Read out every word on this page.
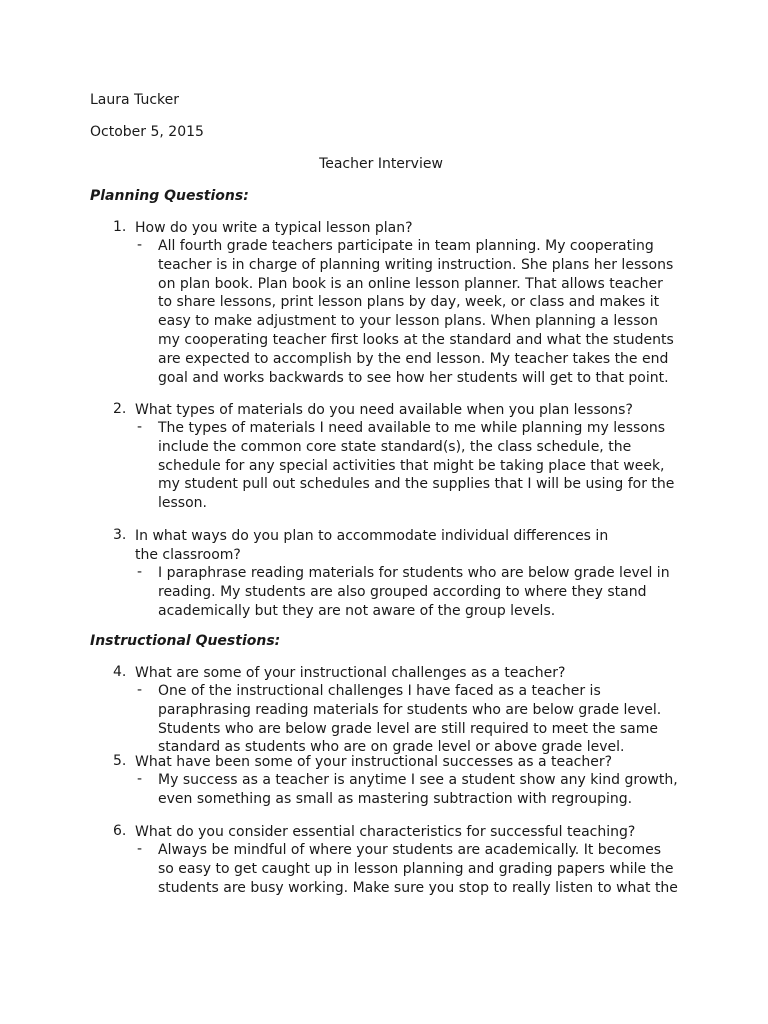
Laura Tucker
October 5, 2015
Teacher Interview
Planning Questions:
1. How do you write a typical lesson plan?
- All fourth grade teachers participate in team planning. My cooperating teacher is in charge of planning writing instruction. She plans her lessons on plan book. Plan book is an online lesson planner. That allows teacher to share lessons, print lesson plans by day, week, or class and makes it easy to make adjustment to your lesson plans. When planning a lesson my cooperating teacher first looks at the standard and what the students are expected to accomplish by the end lesson. My teacher takes the end goal and works backwards to see how her students will get to that point.
2. What types of materials do you need available when you plan lessons?
- The types of materials I need available to me while planning my lessons include the common core state standard(s), the class schedule, the schedule for any special activities that might be taking place that week, my student pull out schedules and the supplies that I will be using for the lesson.
3. In what ways do you plan to accommodate individual differences in the classroom?
- I paraphrase reading materials for students who are below grade level in reading. My students are also grouped according to where they stand academically but they are not aware of the group levels.
Instructional Questions:
4. What are some of your instructional challenges as a teacher?
- One of the instructional challenges I have faced as a teacher is paraphrasing reading materials for students who are below grade level. Students who are below grade level are still required to meet the same standard as students who are on grade level or above grade level.
5. What have been some of your instructional successes as a teacher?
- My success as a teacher is anytime I see a student show any kind growth, even something as small as mastering subtraction with regrouping.
6. What do you consider essential characteristics for successful teaching?
- Always be mindful of where your students are academically. It becomes so easy to get caught up in lesson planning and grading papers while the students are busy working. Make sure you stop to really listen to what the
